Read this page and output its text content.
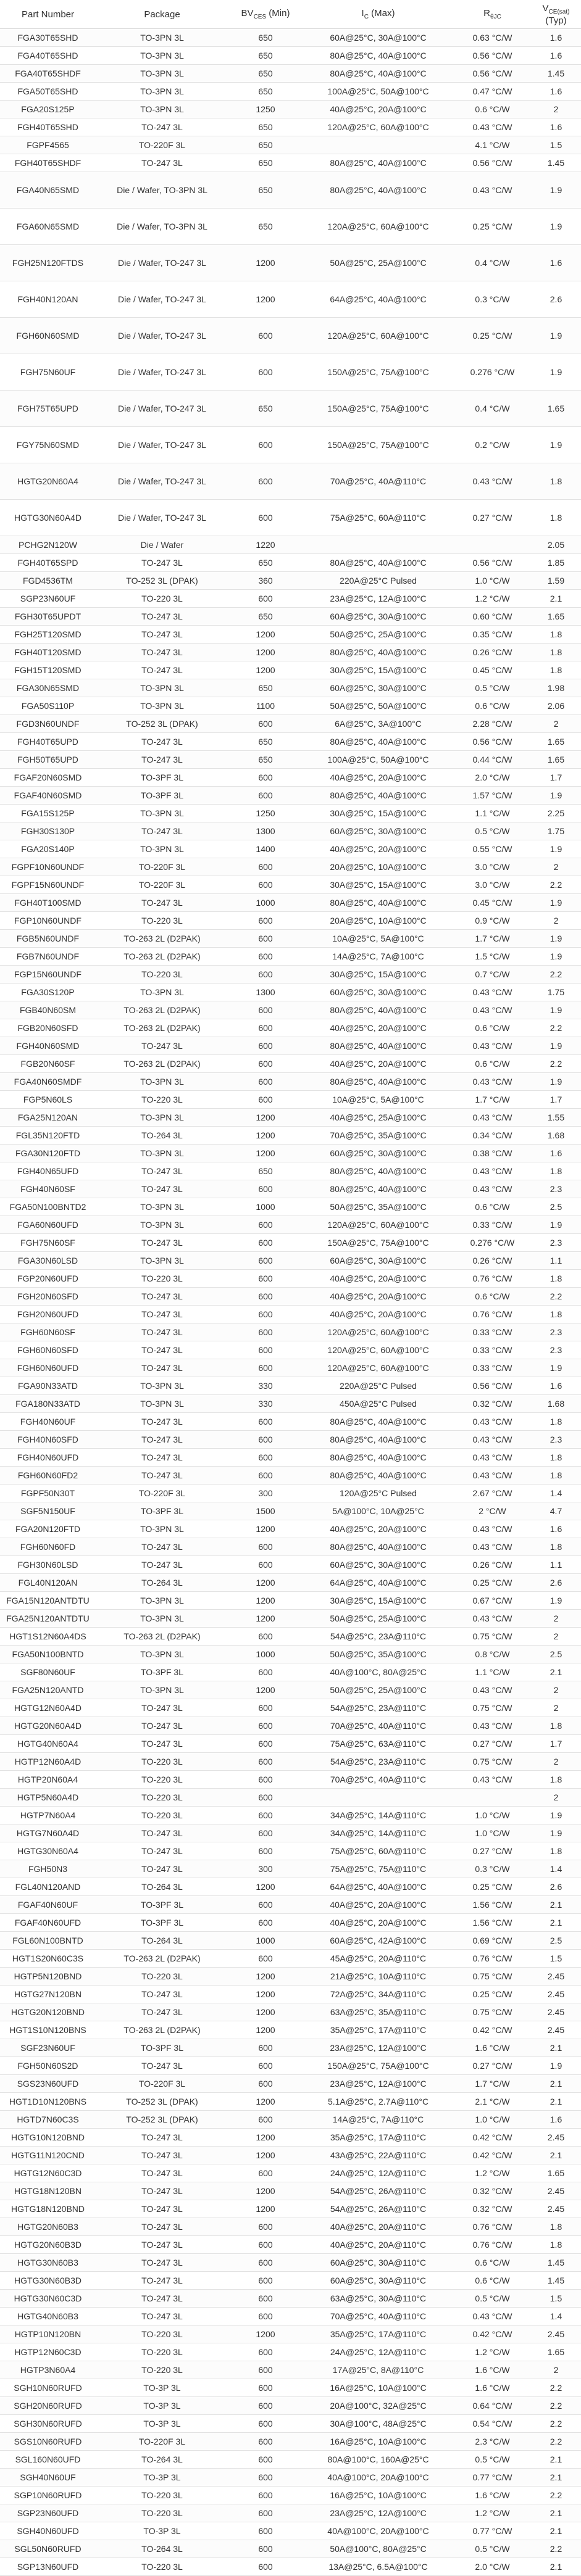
Part Number	Package	$BV_{CES}$ (Min)	$I_C$ (Max)	$R_{\theta JC}$	$V_{CE(sat)}$ (Typ)
FGA30T65SHD	TO-3PN 3L	650	60A@25°C, 30A@100°C	0.63 °C/W	1.6
FGA40T65SHD	TO-3PN 3L	650	80A@25°C, 40A@100°C	0.56 °C/W	1.6
FGA40T65SHDF	TO-3PN 3L	650	80A@25°C, 40A@100°C	0.56 °C/W	1.45
FGA50T65SHD	TO-3PN 3L	650	100A@25°C, 50A@100°C	0.47 °C/W	1.6
FGA20S125P	TO-3PN 3L	1250	40A@25°C, 20A@100°C	0.6 °C/W	2
FGH40T65SHD	TO-247 3L	650	120A@25°C, 60A@100°C	0.43 °C/W	1.6
FGPF4565	TO-220F 3L	650		4.1 °C/W	1.5
FGH40T65SHDF	TO-247 3L	650	80A@25°C, 40A@100°C	0.56 °C/W	1.45
FGA40N65SMD	Die / Wafer, TO-3PN 3L	650	80A@25°C, 40A@100°C	0.43 °C/W	1.9
FGA60N65SMD	Die / Wafer, TO-3PN 3L	650	120A@25°C, 60A@100°C	0.25 °C/W	1.9
FGH25N120FTDS	Die / Wafer, TO-247 3L	1200	50A@25°C, 25A@100°C	0.4 °C/W	1.6
FGH40N120AN	Die / Wafer, TO-247 3L	1200	64A@25°C, 40A@100°C	0.3 °C/W	2.6
FGH60N60SMD	Die / Wafer, TO-247 3L	600	120A@25°C, 60A@100°C	0.25 °C/W	1.9
FGH75N60UF	Die / Wafer, TO-247 3L	600	150A@25°C, 75A@100°C	0.276 °C/W	1.9
FGH75T65UPD	Die / Wafer, TO-247 3L	650	150A@25°C, 75A@100°C	0.4 °C/W	1.65
FGY75N60SMD	Die / Wafer, TO-247 3L	600	150A@25°C, 75A@100°C	0.2 °C/W	1.9
HGTG20N60A4	Die / Wafer, TO-247 3L	600	70A@25°C, 40A@110°C	0.43 °C/W	1.8
HGTG30N60A4D	Die / Wafer, TO-247 3L	600	75A@25°C, 60A@110°C	0.27 °C/W	1.8
PCHG2N120W	Die / Wafer	1220			2.05
FGH40T65SPD	TO-247 3L	650	80A@25°C, 40A@100°C	0.56 °C/W	1.85
FGD4536TM	TO-252 3L (DPAK)	360	220A@25°C Pulsed	1.0 °C/W	1.59
SGP23N60UF	TO-220 3L	600	23A@25°C, 12A@100°C	1.2 °C/W	2.1
FGH30T65UPDT	TO-247 3L	650	60A@25°C, 30A@100°C	0.60 °C/W	1.65
FGH25T120SMD	TO-247 3L	1200	50A@25°C, 25A@100°C	0.35 °C/W	1.8
FGH40T120SMD	TO-247 3L	1200	80A@25°C, 40A@100°C	0.26 °C/W	1.8
FGH15T120SMD	TO-247 3L	1200	30A@25°C, 15A@100°C	0.45 °C/W	1.8
FGA30N65SMD	TO-3PN 3L	650	60A@25°C, 30A@100°C	0.5 °C/W	1.98
FGA50S110P	TO-3PN 3L	1100	50A@25°C, 50A@100°C	0.6 °C/W	2.06
FGD3N60UNDF	TO-252 3L (DPAK)	600	6A@25°C, 3A@100°C	2.28 °C/W	2
FGH40T65UPD	TO-247 3L	650	80A@25°C, 40A@100°C	0.56 °C/W	1.65
FGH50T65UPD	TO-247 3L	650	100A@25°C, 50A@100°C	0.44 °C/W	1.65
FGAF20N60SMD	TO-3PF 3L	600	40A@25°C, 20A@100°C	2.0 °C/W	1.7
FGAF40N60SMD	TO-3PF 3L	600	80A@25°C, 40A@100°C	1.57 °C/W	1.9
FGA15S125P	TO-3PN 3L	1250	30A@25°C, 15A@100°C	1.1 °C/W	2.25
FGH30S130P	TO-247 3L	1300	60A@25°C, 30A@100°C	0.5 °C/W	1.75
FGA20S140P	TO-3PN 3L	1400	40A@25°C, 20A@100°C	0.55 °C/W	1.9
FGPF10N60UNDF	TO-220F 3L	600	20A@25°C, 10A@100°C	3.0 °C/W	2
FGPF15N60UNDF	TO-220F 3L	600	30A@25°C, 15A@100°C	3.0 °C/W	2.2
FGH40T100SMD	TO-247 3L	1000	80A@25°C, 40A@100°C	0.45 °C/W	1.9
FGP10N60UNDF	TO-220 3L	600	20A@25°C, 10A@100°C	0.9 °C/W	2
FGB5N60UNDF	TO-263 2L (D2PAK)	600	10A@25°C, 5A@100°C	1.7 °C/W	1.9
FGB7N60UNDF	TO-263 2L (D2PAK)	600	14A@25°C, 7A@100°C	1.5 °C/W	1.9
FGP15N60UNDF	TO-220 3L	600	30A@25°C, 15A@100°C	0.7 °C/W	2.2
FGA30S120P	TO-3PN 3L	1300	60A@25°C, 30A@100°C	0.43 °C/W	1.75
FGB40N60SM	TO-263 2L (D2PAK)	600	80A@25°C, 40A@100°C	0.43 °C/W	1.9
FGB20N60SFD	TO-263 2L (D2PAK)	600	40A@25°C, 20A@100°C	0.6 °C/W	2.2
FGH40N60SMD	TO-247 3L	600	80A@25°C, 40A@100°C	0.43 °C/W	1.9
FGB20N60SF	TO-263 2L (D2PAK)	600	40A@25°C, 20A@100°C	0.6 °C/W	2.2
FGA40N60SMDF	TO-3PN 3L	600	80A@25°C, 40A@100°C	0.43 °C/W	1.9
FGP5N60LS	TO-220 3L	600	10A@25°C, 5A@100°C	1.7 °C/W	1.7
FGA25N120AN	TO-3PN 3L	1200	40A@25°C, 25A@100°C	0.43 °C/W	1.55
FGL35N120FTD	TO-264 3L	1200	70A@25°C, 35A@100°C	0.34 °C/W	1.68
FGA30N120FTD	TO-3PN 3L	1200	60A@25°C, 30A@100°C	0.38 °C/W	1.6
FGH40N65UFD	TO-247 3L	650	80A@25°C, 40A@100°C	0.43 °C/W	1.8
FGH40N60SF	TO-247 3L	600	80A@25°C, 40A@100°C	0.43 °C/W	2.3
FGA50N100BNTD2	TO-3PN 3L	1000	50A@25°C, 35A@100°C	0.6 °C/W	2.5
FGA60N60UFD	TO-3PN 3L	600	120A@25°C, 60A@100°C	0.33 °C/W	1.9
FGH75N60SF	TO-247 3L	600	150A@25°C, 75A@100°C	0.276 °C/W	2.3
FGA30N60LSD	TO-3PN 3L	600	60A@25°C, 30A@100°C	0.26 °C/W	1.1
FGP20N60UFD	TO-220 3L	600	40A@25°C, 20A@100°C	0.76 °C/W	1.8
FGH20N60SFD	TO-247 3L	600	40A@25°C, 20A@100°C	0.6 °C/W	2.2
FGH20N60UFD	TO-247 3L	600	40A@25°C, 20A@100°C	0.76 °C/W	1.8
FGH60N60SF	TO-247 3L	600	120A@25°C, 60A@100°C	0.33 °C/W	2.3
FGH60N60SFD	TO-247 3L	600	120A@25°C, 60A@100°C	0.33 °C/W	2.3
FGH60N60UFD	TO-247 3L	600	120A@25°C, 60A@100°C	0.33 °C/W	1.9
FGA90N33ATD	TO-3PN 3L	330	220A@25°C Pulsed	0.56 °C/W	1.6
FGA180N33ATD	TO-3PN 3L	330	450A@25°C Pulsed	0.32 °C/W	1.68
FGH40N60UF	TO-247 3L	600	80A@25°C, 40A@100°C	0.43 °C/W	1.8
FGH40N60SFD	TO-247 3L	600	80A@25°C, 40A@100°C	0.43 °C/W	2.3
FGH40N60UFD	TO-247 3L	600	80A@25°C, 40A@100°C	0.43 °C/W	1.8
FGH60N60FD2	TO-247 3L	600	80A@25°C, 40A@100°C	0.43 °C/W	1.8
FGPF50N30T	TO-220F 3L	300	120A@25°C Pulsed	2.67 °C/W	1.4
SGF5N150UF	TO-3PF 3L	1500	5A@100°C, 10A@25°C	2 °C/W	4.7
FGA20N120FTD	TO-3PN 3L	1200	40A@25°C, 20A@100°C	0.43 °C/W	1.6
FGH60N60FD	TO-247 3L	600	80A@25°C, 40A@100°C	0.43 °C/W	1.8
FGH30N60LSD	TO-247 3L	600	60A@25°C, 30A@100°C	0.26 °C/W	1.1
FGL40N120AN	TO-264 3L	1200	64A@25°C, 40A@100°C	0.25 °C/W	2.6
FGA15N120ANTDTU	TO-3PN 3L	1200	30A@25°C, 15A@100°C	0.67 °C/W	1.9
FGA25N120ANTDTU	TO-3PN 3L	1200	50A@25°C, 25A@100°C	0.43 °C/W	2
HGT1S12N60A4DS	TO-263 2L (D2PAK)	600	54A@25°C, 23A@110°C	0.75 °C/W	2
FGA50N100BNTD	TO-3PN 3L	1000	50A@25°C, 35A@100°C	0.8 °C/W	2.5
SGF80N60UF	TO-3PF 3L	600	40A@100°C, 80A@25°C	1.1 °C/W	2.1
FGA25N120ANTD	TO-3PN 3L	1200	50A@25°C, 25A@100°C	0.43 °C/W	2
HGTG12N60A4D	TO-247 3L	600	54A@25°C, 23A@110°C	0.75 °C/W	2
HGTG20N60A4D	TO-247 3L	600	70A@25°C, 40A@110°C	0.43 °C/W	1.8
HGTG40N60A4	TO-247 3L	600	75A@25°C, 63A@110°C	0.27 °C/W	1.7
HGTP12N60A4D	TO-220 3L	600	54A@25°C, 23A@110°C	0.75 °C/W	2
HGTP20N60A4	TO-220 3L	600	70A@25°C, 40A@110°C	0.43 °C/W	1.8
HGTP5N60A4D	TO-220 3L	600			2
HGTP7N60A4	TO-220 3L	600	34A@25°C, 14A@110°C	1.0 °C/W	1.9
HGTG7N60A4D	TO-247 3L	600	34A@25°C, 14A@110°C	1.0 °C/W	1.9
HGTG30N60A4	TO-247 3L	600	75A@25°C, 60A@110°C	0.27 °C/W	1.8
FGH50N3	TO-247 3L	300	75A@25°C, 75A@110°C	0.3 °C/W	1.4
FGL40N120AND	TO-264 3L	1200	64A@25°C, 40A@100°C	0.25 °C/W	2.6
FGAF40N60UF	TO-3PF 3L	600	40A@25°C, 20A@100°C	1.56 °C/W	2.1
FGAF40N60UFD	TO-3PF 3L	600	40A@25°C, 20A@100°C	1.56 °C/W	2.1
FGL60N100BNTD	TO-264 3L	1000	60A@25°C, 42A@100°C	0.69 °C/W	2.5
HGT1S20N60C3S	TO-263 2L (D2PAK)	600	45A@25°C, 20A@110°C	0.76 °C/W	1.5
HGTP5N120BND	TO-220 3L	1200	21A@25°C, 10A@110°C	0.75 °C/W	2.45
HGTG27N120BN	TO-247 3L	1200	72A@25°C, 34A@110°C	0.25 °C/W	2.45
HGTG20N120BND	TO-247 3L	1200	63A@25°C, 35A@110°C	0.75 °C/W	2.45
HGT1S10N120BNS	TO-263 2L (D2PAK)	1200	35A@25°C, 17A@110°C	0.42 °C/W	2.45
SGF23N60UF	TO-3PF 3L	600	23A@25°C, 12A@100°C	1.6 °C/W	2.1
FGH50N60S2D	TO-247 3L	600	150A@25°C, 75A@100°C	0.27 °C/W	1.9
SGS23N60UFD	TO-220F 3L	600	23A@25°C, 12A@100°C	1.7 °C/W	2.1
HGT1D10N120BNS	TO-252 3L (DPAK)	1200	5.1A@25°C, 2.7A@110°C	2.1 °C/W	2.1
HGTD7N60C3S	TO-252 3L (DPAK)	600	14A@25°C, 7A@110°C	1.0 °C/W	1.6
HGTG10N120BND	TO-247 3L	1200	35A@25°C, 17A@110°C	0.42 °C/W	2.45
HGTG11N120CND	TO-247 3L	1200	43A@25°C, 22A@110°C	0.42 °C/W	2.1
HGTG12N60C3D	TO-247 3L	600	24A@25°C, 12A@110°C	1.2 °C/W	1.65
HGTG18N120BN	TO-247 3L	1200	54A@25°C, 26A@110°C	0.32 °C/W	2.45
HGTG18N120BND	TO-247 3L	1200	54A@25°C, 26A@110°C	0.32 °C/W	2.45
HGTG20N60B3	TO-247 3L	600	40A@25°C, 20A@110°C	0.76 °C/W	1.8
HGTG20N60B3D	TO-247 3L	600	40A@25°C, 20A@110°C	0.76 °C/W	1.8
HGTG30N60B3	TO-247 3L	600	60A@25°C, 30A@110°C	0.6 °C/W	1.45
HGTG30N60B3D	TO-247 3L	600	60A@25°C, 30A@110°C	0.6 °C/W	1.45
HGTG30N60C3D	TO-247 3L	600	63A@25°C, 30A@110°C	0.5 °C/W	1.5
HGTG40N60B3	TO-247 3L	600	70A@25°C, 40A@110°C	0.43 °C/W	1.4
HGTP10N120BN	TO-220 3L	1200	35A@25°C, 17A@110°C	0.42 °C/W	2.45
HGTP12N60C3D	TO-220 3L	600	24A@25°C, 12A@110°C	1.2 °C/W	1.65
HGTP3N60A4	TO-220 3L	600	17A@25°C, 8A@110°C	1.6 °C/W	2
SGH10N60RUFD	TO-3P 3L	600	16A@25°C, 10A@100°C	1.6 °C/W	2.2
SGH20N60RUFD	TO-3P 3L	600	20A@100°C, 32A@25°C	0.64 °C/W	2.2
SGH30N60RUFD	TO-3P 3L	600	30A@100°C, 48A@25°C	0.54 °C/W	2.2
SGS10N60RUFD	TO-220F 3L	600	16A@25°C, 10A@100°C	2.3 °C/W	2.2
SGL160N60UFD	TO-264 3L	600	80A@100°C, 160A@25°C	0.5 °C/W	2.1
SGH40N60UF	TO-3P 3L	600	40A@100°C, 20A@100°C	0.77 °C/W	2.1
SGP10N60RUFD	TO-220 3L	600	16A@25°C, 10A@100°C	1.6 °C/W	2.2
SGP23N60UFD	TO-220 3L	600	23A@25°C, 12A@100°C	1.2 °C/W	2.1
SGH40N60UFD	TO-3P 3L	600	40A@100°C, 20A@100°C	0.77 °C/W	2.1
SGL50N60RUFD	TO-264 3L	600	50A@100°C, 80A@25°C	0.5 °C/W	2.2
SGP13N60UFD	TO-220 3L	600	13A@25°C, 6.5A@100°C	2.0 °C/W	2.1
